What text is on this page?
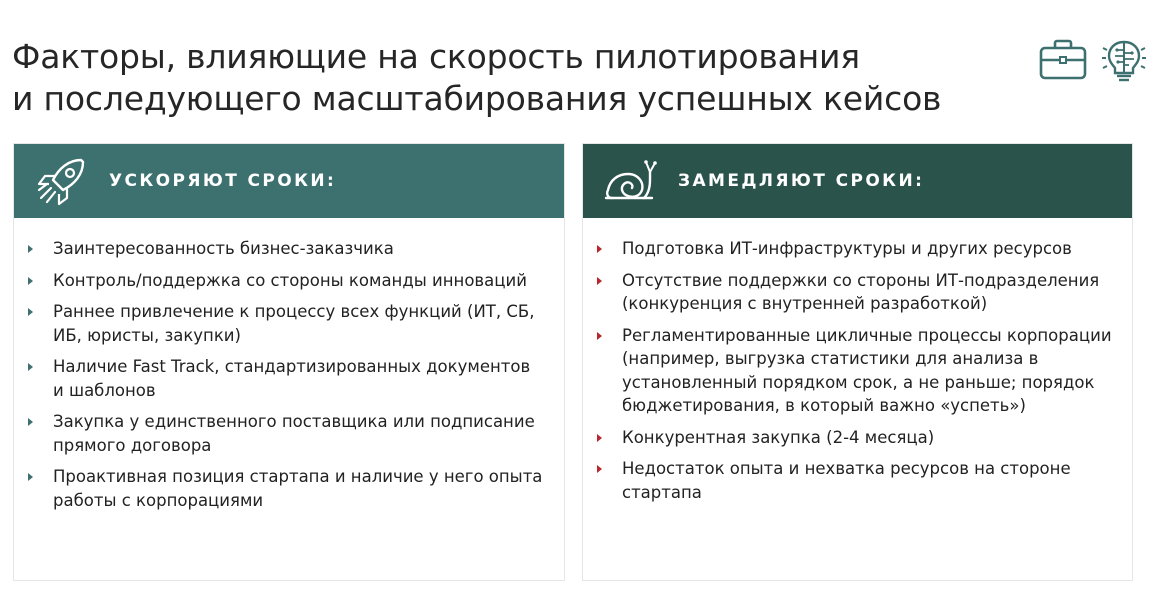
Факторы, влияющие на скорость пилотирования
и последующего масштабирования успешных кейсов
УСКОРЯЮТ СРОКИ:
Заинтересованность бизнес-заказчика
Контроль/поддержка со стороны команды инноваций
Раннее привлечение к процессу всех функций (ИТ, СБ, ИБ, юристы, закупки)
Наличие Fast Track, стандартизированных документов и шаблонов
Закупка у единственного поставщика или подписание прямого договора
Проактивная позиция стартапа и наличие у него опыта работы с корпорациями
ЗАМЕДЛЯЮТ СРОКИ:
Подготовка ИТ-инфраструктуры и других ресурсов
Отсутствие поддержки со стороны ИТ-подразделения (конкуренция с внутренней разработкой)
Регламентированные цикличные процессы корпорации (например, выгрузка статистики для анализа в установленный порядком срок, а не раньше; порядок бюджетирования, в который важно «успеть»)
Конкурентная закупка (2-4 месяца)
Недостаток опыта и нехватка ресурсов на стороне стартапа
